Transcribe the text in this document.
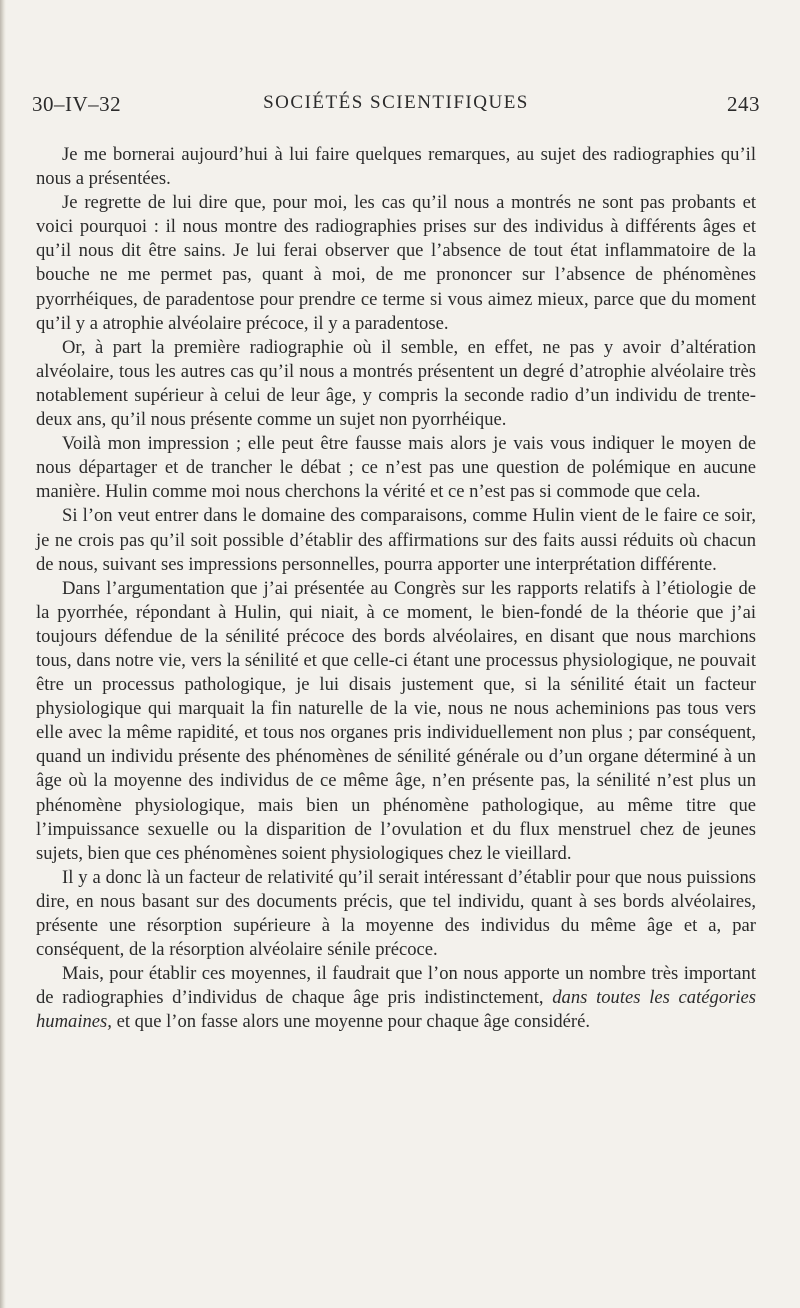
30–IV–32	SOCIÉTÉS SCIENTIFIQUES	243

Je me bornerai aujourd’hui à lui faire quelques remarques, au sujet des radiographies qu’il nous a présentées.

Je regrette de lui dire que, pour moi, les cas qu’il nous a montrés ne sont pas probants et voici pourquoi : il nous montre des radiographies prises sur des individus à différents âges et qu’il nous dit être sains. Je lui ferai observer que l’absence de tout état inflammatoire de la bouche ne me permet pas, quant à moi, de me prononcer sur l’absence de phénomènes pyorrhéiques, de paradentose pour prendre ce terme si vous aimez mieux, parce que du moment qu’il y a atrophie alvéolaire précoce, il y a paradentose.

Or, à part la première radiographie où il semble, en effet, ne pas y avoir d’altération alvéolaire, tous les autres cas qu’il nous a montrés présentent un degré d’atrophie alvéolaire très notablement supérieur à celui de leur âge, y compris la seconde radio d’un individu de trente-deux ans, qu’il nous présente comme un sujet non pyorrhéique.

Voilà mon impression ; elle peut être fausse mais alors je vais vous indiquer le moyen de nous départager et de trancher le débat ; ce n’est pas une question de polémique en aucune manière. Hulin comme moi nous cherchons la vérité et ce n’est pas si commode que cela.

Si l’on veut entrer dans le domaine des comparaisons, comme Hulin vient de le faire ce soir, je ne crois pas qu’il soit possible d’établir des affirmations sur des faits aussi réduits où chacun de nous, suivant ses impressions personnelles, pourra apporter une interprétation différente.

Dans l’argumentation que j’ai présentée au Congrès sur les rapports relatifs à l’étiologie de la pyorrhée, répondant à Hulin, qui niait, à ce moment, le bien-fondé de la théorie que j’ai toujours défendue de la sénilité précoce des bords alvéolaires, en disant que nous marchions tous, dans notre vie, vers la sénilité et que celle-ci étant une processus physiologique, ne pouvait être un processus pathologique, je lui disais justement que, si la sénilité était un facteur physiologique qui marquait la fin naturelle de la vie, nous ne nous acheminions pas tous vers elle avec la même rapidité, et tous nos organes pris individuellement non plus ; par conséquent, quand un individu présente des phénomènes de sénilité générale ou d’un organe déterminé à un âge où la moyenne des individus de ce même âge, n’en présente pas, la sénilité n’est plus un phénomène physiologique, mais bien un phénomène pathologique, au même titre que l’impuissance sexuelle ou la disparition de l’ovulation et du flux menstruel chez de jeunes sujets, bien que ces phénomènes soient physiologiques chez le vieillard.

Il y a donc là un facteur de relativité qu’il serait intéressant d’établir pour que nous puissions dire, en nous basant sur des documents précis, que tel individu, quant à ses bords alvéolaires, présente une résorption supérieure à la moyenne des individus du même âge et a, par conséquent, de la résorption alvéolaire sénile précoce.

Mais, pour établir ces moyennes, il faudrait que l’on nous apporte un nombre très important de radiographies d’individus de chaque âge pris indistinctement, dans toutes les catégories humaines, et que l’on fasse alors une moyenne pour chaque âge considéré.
